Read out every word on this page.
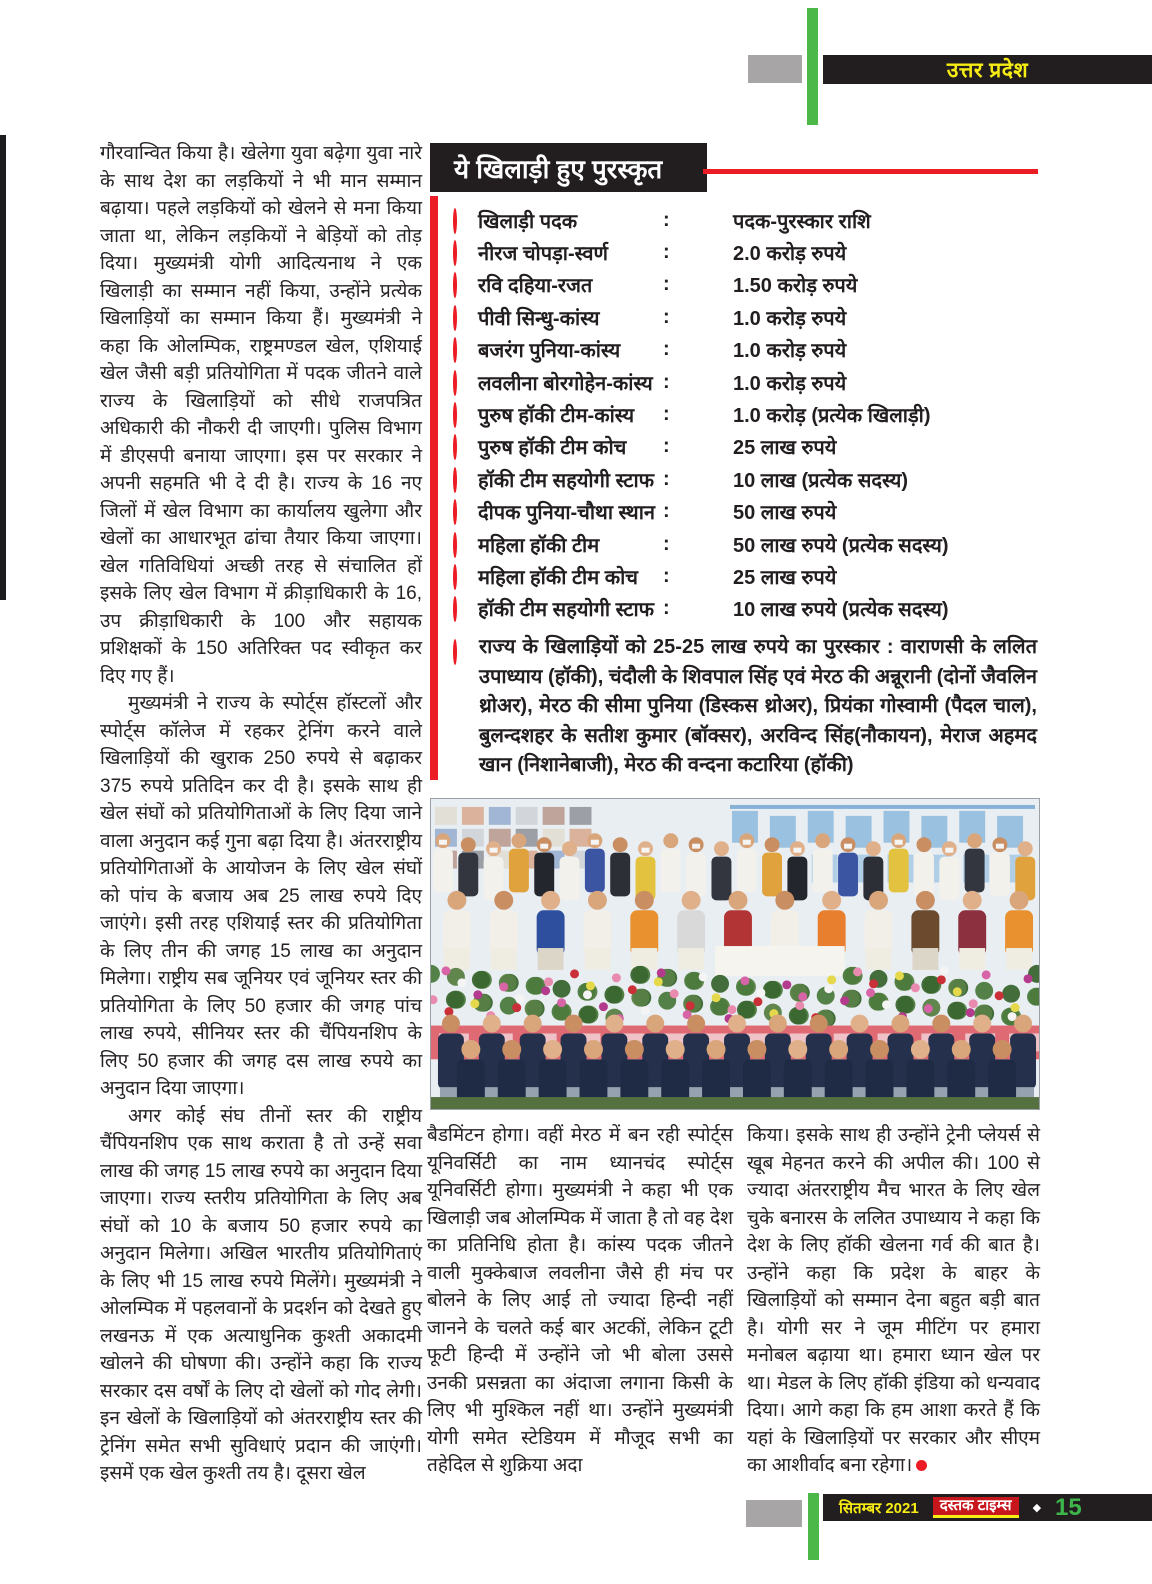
उत्तर प्रदेश

गौरवान्वित किया है। खेलेगा युवा बढ़ेगा युवा नारे के साथ देश का लड़कियों ने भी मान सम्मान बढ़ाया। पहले लड़कियों को खेलने से मना किया जाता था, लेकिन लड़कियों ने बेड़ियों को तोड़ दिया। मुख्यमंत्री योगी आदित्यनाथ ने एक खिलाड़ी का सम्मान नहीं किया, उन्होंने प्रत्येक खिलाड़ियों का सम्मान किया हैं। मुख्यमंत्री ने कहा कि ओलम्पिक, राष्ट्रमण्डल खेल, एशियाई खेल जैसी बड़ी प्रतियोगिता में पदक जीतने वाले राज्य के खिलाड़ियों को सीधे राजपत्रित अधिकारी की नौकरी दी जाएगी। पुलिस विभाग में डीएसपी बनाया जाएगा। इस पर सरकार ने अपनी सहमति भी दे दी है। राज्य के 16 नए जिलों में खेल विभाग का कार्यालय खुलेगा और खेलों का आधारभूत ढांचा तैयार किया जाएगा। खेल गतिविधियां अच्छी तरह से संचालित हों इसके लिए खेल विभाग में क्रीड़ाधिकारी के 16, उप क्रीड़ाधिकारी के 100 और सहायक प्रशिक्षकों के 150 अतिरिक्त पद स्वीकृत कर दिए गए हैं।

मुख्यमंत्री ने राज्य के स्पोर्ट्स हॉस्टलों और स्पोर्ट्स कॉलेज में रहकर ट्रेनिंग करने वाले खिलाड़ियों की खुराक 250 रुपये से बढ़ाकर 375 रुपये प्रतिदिन कर दी है। इसके साथ ही खेल संघों को प्रतियोगिताओं के लिए दिया जाने वाला अनुदान कई गुना बढ़ा दिया है। अंतरराष्ट्रीय प्रतियोगिताओं के आयोजन के लिए खेल संघों को पांच के बजाय अब 25 लाख रुपये दिए जाएंगे। इसी तरह एशियाई स्तर की प्रतियोगिता के लिए तीन की जगह 15 लाख का अनुदान मिलेगा। राष्ट्रीय सब जूनियर एवं जूनियर स्तर की प्रतियोगिता के लिए 50 हजार की जगह पांच लाख रुपये, सीनियर स्तर की चैंपियनशिप के लिए 50 हजार की जगह दस लाख रुपये का अनुदान दिया जाएगा।

अगर कोई संघ तीनों स्तर की राष्ट्रीय चैंपियनशिप एक साथ कराता है तो उन्हें सवा लाख की जगह 15 लाख रुपये का अनुदान दिया जाएगा। राज्य स्तरीय प्रतियोगिता के लिए अब संघों को 10 के बजाय 50 हजार रुपये का अनुदान मिलेगा। अखिल भारतीय प्रतियोगिताएं के लिए भी 15 लाख रुपये मिलेंगे। मुख्यमंत्री ने ओलम्पिक में पहलवानों के प्रदर्शन को देखते हुए लखनऊ में एक अत्याधुनिक कुश्ती अकादमी खोलने की घोषणा की। उन्होंने कहा कि राज्य सरकार दस वर्षों के लिए दो खेलों को गोद लेगी। इन खेलों के खिलाड़ियों को अंतरराष्ट्रीय स्तर की ट्रेनिंग समेत सभी सुविधाएं प्रदान की जाएंगी। इसमें एक खेल कुश्ती तय है। दूसरा खेल

ये खिलाड़ी हुए पुरस्कृत
खिलाड़ी पदक	:	पदक-पुरस्कार राशि
नीरज चोपड़ा-स्वर्ण	:	2.0 करोड़ रुपये
रवि दहिया-रजत	:	1.50 करोड़ रुपये
पीवी सिन्धु-कांस्य	:	1.0 करोड़ रुपये
बजरंग पुनिया-कांस्य	:	1.0 करोड़ रुपये
लवलीना बोरगोहेन-कांस्य :	1.0 करोड़ रुपये
पुरुष हॉकी टीम-कांस्य	:	1.0 करोड़ (प्रत्येक खिलाड़ी)
पुरुष हॉकी टीम कोच	:	25 लाख रुपये
हॉकी टीम सहयोगी स्टाफ :	10 लाख (प्रत्येक सदस्य)
दीपक पुनिया-चौथा स्थान :	50 लाख रुपये
महिला हॉकी टीम	:	50 लाख रुपये (प्रत्येक सदस्य)
महिला हॉकी टीम कोच	:	25 लाख रुपये
हॉकी टीम सहयोगी स्टाफ :	10 लाख रुपये (प्रत्येक सदस्य)
राज्य के खिलाड़ियों को 25-25 लाख रुपये का पुरस्कार : वाराणसी के ललित उपाध्याय (हॉकी), चंदौली के शिवपाल सिंह एवं मेरठ की अन्नूरानी (दोनों जैवलिन थ्रोअर), मेरठ की सीमा पुनिया (डिस्कस थ्रोअर), प्रियंका गोस्वामी (पैदल चाल), बुलन्दशहर के सतीश कुमार (बॉक्सर), अरविन्द सिंह(नौकायन), मेराज अहमद खान (निशानेबाजी), मेरठ की वन्दना कटारिया (हॉकी)

बैडमिंटन होगा। वहीं मेरठ में बन रही स्पोर्ट्स यूनिवर्सिटी का नाम ध्यानचंद स्पोर्ट्स यूनिवर्सिटी होगा। मुख्यमंत्री ने कहा भी एक खिलाड़ी जब ओलम्पिक में जाता है तो वह देश का प्रतिनिधि होता है। कांस्य पदक जीतने वाली मुक्केबाज लवलीना जैसे ही मंच पर बोलने के लिए आई तो ज्यादा हिन्दी नहीं जानने के चलते कई बार अटकीं, लेकिन टूटी फूटी हिन्दी में उन्होंने जो भी बोला उससे उनकी प्रसन्नता का अंदाजा लगाना किसी के लिए भी मुश्किल नहीं था। उन्होंने मुख्यमंत्री योगी समेत स्टेडियम में मौजूद सभी का तहेदिल से शुक्रिया अदा

किया। इसके साथ ही उन्होंने ट्रेनी प्लेयर्स से खूब मेहनत करने की अपील की। 100 से ज्यादा अंतरराष्ट्रीय मैच भारत के लिए खेल चुके बनारस के ललित उपाध्याय ने कहा कि देश के लिए हॉकी खेलना गर्व की बात है। उन्होंने कहा कि प्रदेश के बाहर के खिलाड़ियों को सम्मान देना बहुत बड़ी बात है। योगी सर ने जूम मीटिंग पर हमारा मनोबल बढ़ाया था। हमारा ध्यान खेल पर था। मेडल के लिए हॉकी इंडिया को धन्यवाद दिया। आगे कहा कि हम आशा करते हैं कि यहां के खिलाड़ियों पर सरकार और सीएम का आशीर्वाद बना रहेगा।

सितम्बर 2021	दस्तक टाइम्स	◆ 15
